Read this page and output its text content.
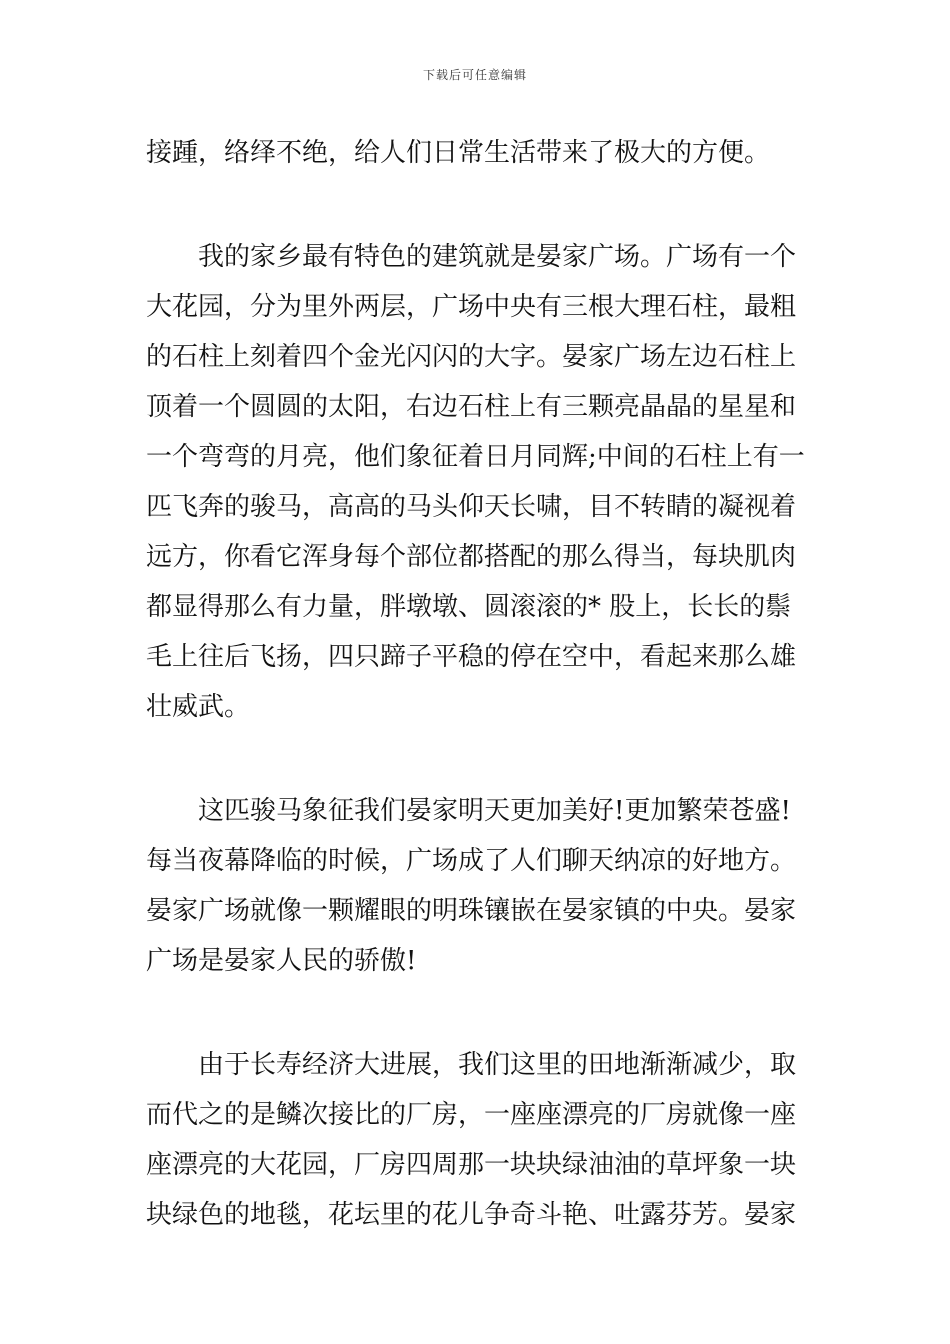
下载后可任意编辑
接踵，络绎不绝，给人们日常生活带来了极大的方便。
我的家乡最有特色的建筑就是晏家广场。广场有一个
大花园，分为里外两层，广场中央有三根大理石柱，最粗
的石柱上刻着四个金光闪闪的大字。晏家广场左边石柱上
顶着一个圆圆的太阳，右边石柱上有三颗亮晶晶的星星和
一个弯弯的月亮，他们象征着日月同辉;中间的石柱上有一
匹飞奔的骏马，高高的马头仰天长啸，目不转睛的凝视着
远方，你看它浑身每个部位都搭配的那么得当，每块肌肉
都显得那么有力量，胖墩墩、圆滚滚的* 股上，长长的鬃
毛上往后飞扬，四只蹄子平稳的停在空中，看起来那么雄
壮威武。
这匹骏马象征我们晏家明天更加美好!更加繁荣苍盛!
每当夜幕降临的时候，广场成了人们聊天纳凉的好地方。
晏家广场就像一颗耀眼的明珠镶嵌在晏家镇的中央。晏家
广场是晏家人民的骄傲!
由于长寿经济大进展，我们这里的田地渐渐减少，取
而代之的是鳞次接比的厂房，一座座漂亮的厂房就像一座
座漂亮的大花园，厂房四周那一块块绿油油的草坪象一块
块绿色的地毯，花坛里的花儿争奇斗艳、吐露芬芳。晏家
